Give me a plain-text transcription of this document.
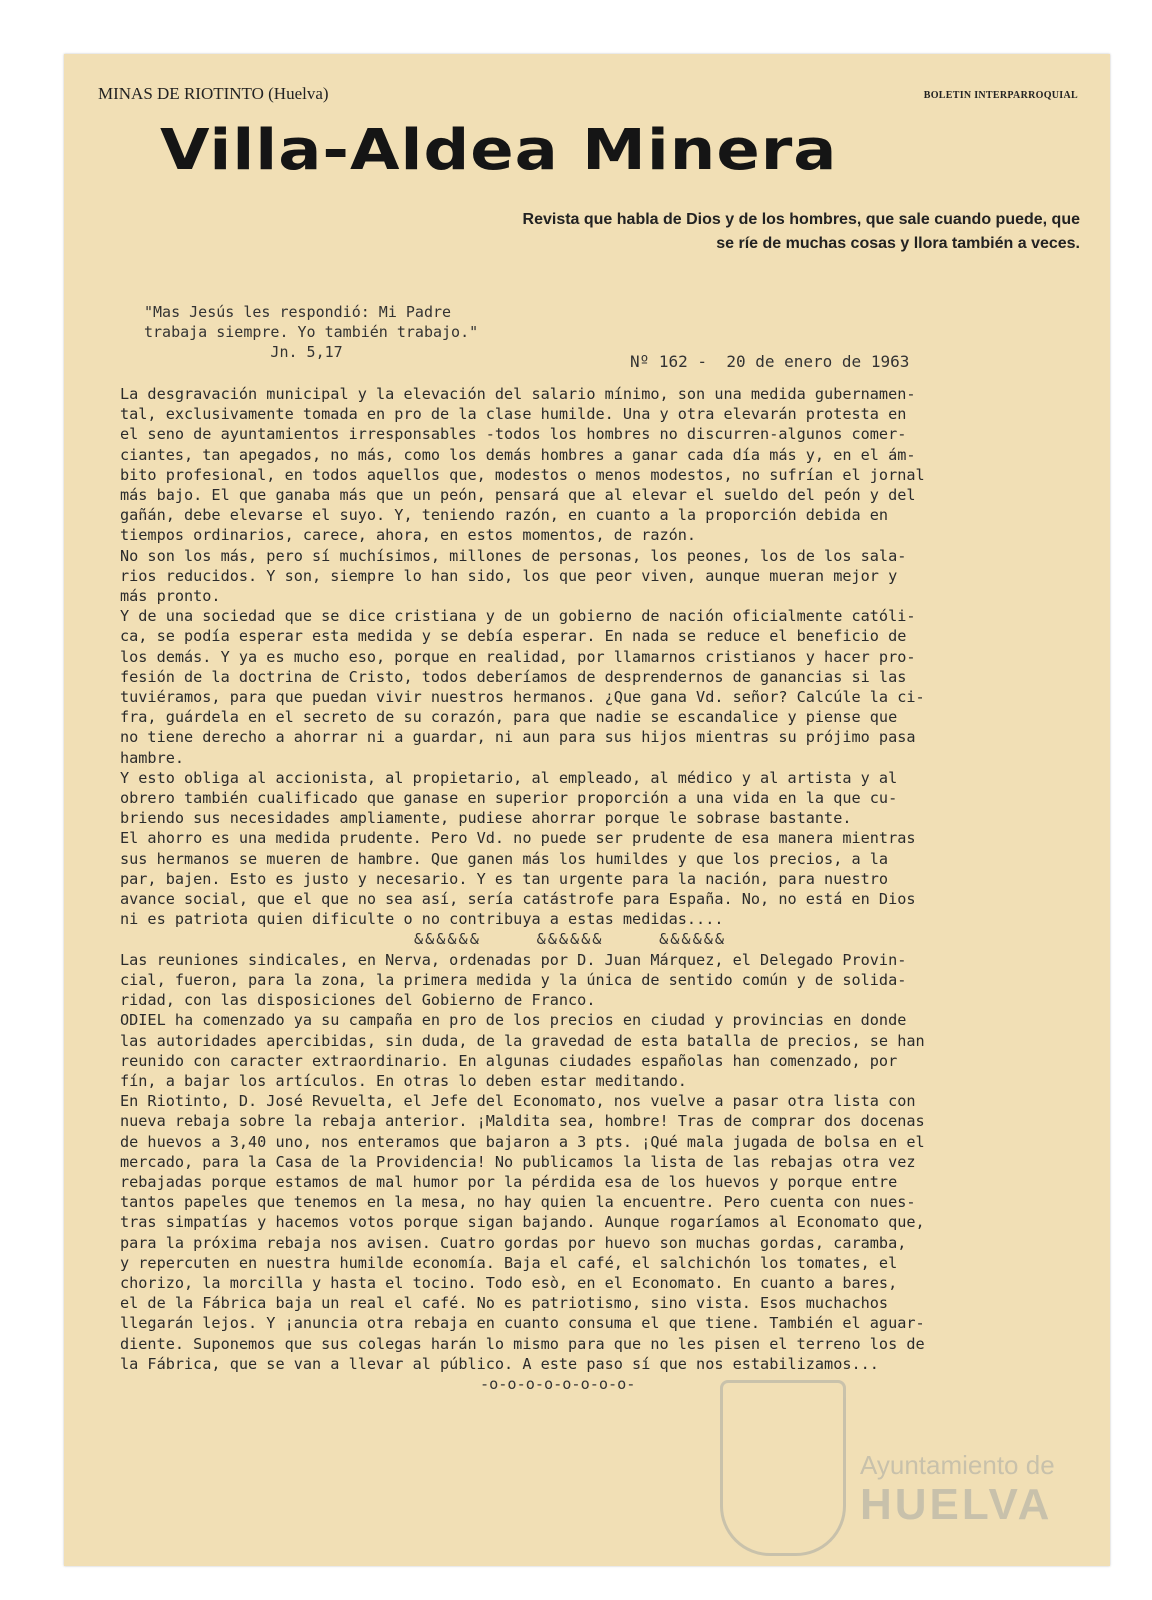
MINAS DE RIOTINTO (Huelva)	BOLETIN INTERPARROQUIAL
Villa-Aldea Minera
Revista que habla de Dios y de los hombres, que sale cuando puede, que se ríe de muchas cosas y llora también a veces.
"Mas Jesús les respondió: Mi Padre
trabaja siempre. Yo también trabajo."
Jn. 5,17	Nº 162 -  20 de enero de 1963

La desgravación municipal y la elevación del salario mínimo, son una medida gubernamen-
tal, exclusivamente tomada en pro de la clase humilde. Una y otra elevarán protesta en
el seno de ayuntamientos irresponsables -todos los hombres no discurren-algunos comer-
ciantes, tan apegados, no más, como los demás hombres a ganar cada día más y, en el ám-
bito profesional, en todos aquellos que, modestos o menos modestos, no sufrían el jornal
más bajo. El que ganaba más que un peón, pensará que al elevar el sueldo del peón y del
gañán, debe elevarse el suyo. Y, teniendo razón, en cuanto a la proporción debida en
tiempos ordinarios, carece, ahora, en estos momentos, de razón.
No son los más, pero sí muchísimos, millones de personas, los peones, los de los sala-
rios reducidos. Y son, siempre lo han sido, los que peor viven, aunque mueran mejor y
más pronto.

Y de una sociedad que se dice cristiana y de un gobierno de nación oficialmente católi-
ca, se podía esperar esta medida y se debía esperar. En nada se reduce el beneficio de
los demás. Y ya es mucho eso, porque en realidad, por llamarnos cristianos y hacer pro-
fesión de la doctrina de Cristo, todos deberíamos de desprendernos de ganancias si las
tuviéramos, para que puedan vivir nuestros hermanos. ¿Que gana Vd. señor? Calcúle la ci-
fra, guárdela en el secreto de su corazón, para que nadie se escandalice y piense que
no tiene derecho a ahorrar ni a guardar, ni aun para sus hijos mientras su prójimo pasa
hambre.

Y esto obliga al accionista, al propietario, al empleado, al médico y al artista y al
obrero también cualificado que ganase en superior proporción a una vida en la que cu-
briendo sus necesidades ampliamente, pudiese ahorrar porque le sobrase bastante.
El ahorro es una medida prudente. Pero Vd. no puede ser prudente de esa manera mientras
sus hermanos se mueren de hambre. Que ganen más los humildes y que los precios, a la
par, bajen. Esto es justo y necesario. Y es tan urgente para la nación, para nuestro
avance social, que el que no sea así, sería catástrofe para España. No, no está en Dios
ni es patriota quien dificulte o no contribuya a estas medidas....

&&&&&&     &&&&&&     &&&&&&

Las reuniones sindicales, en Nerva, ordenadas por D. Juan Márquez, el Delegado Provin-
cial, fueron, para la zona, la primera medida y la única de sentido común y de solida-
ridad, con las disposiciones del Gobierno de Franco.
ODIEL ha comenzado ya su campaña en pro de los precios en ciudad y provincias en donde
las autoridades apercibidas, sin duda, de la gravedad de esta batalla de precios, se han
reunido con caracter extraordinario. En algunas ciudades españolas han comenzado, por
fín, a bajar los artículos. En otras lo deben estar meditando.
En Riotinto, D. José Revuelta, el Jefe del Economato, nos vuelve a pasar otra lista con
nueva rebaja sobre la rebaja anterior. ¡Maldita sea, hombre! Tras de comprar dos docenas
de huevos a 3,40 uno, nos enteramos que bajaron a 3 pts. ¡Qué mala jugada de bolsa en el
mercado, para la Casa de la Providencia! No publicamos la lista de las rebajas otra vez
rebajadas porque estamos de mal humor por la pérdida esa de los huevos y porque entre
tantos papeles que tenemos en la mesa, no hay quien la encuentre. Pero cuenta con nues-
tras simpatías y hacemos votos porque sigan bajando. Aunque rogaríamos al Economato que,
para la próxima rebaja nos avisen. Cuatro gordas por huevo son muchas gordas, caramba,
y repercuten en nuestra humilde economía. Baja el café, el salchichón los tomates, el
chorizo, la morcilla y hasta el tocino. Todo esò, en el Economato. En cuanto a bares,
el de la Fábrica baja un real el café. No es patriotismo, sino vista. Esos muchachos
llegarán lejos. Y ¡anuncia otra rebaja en cuanto consuma el que tiene. También el aguar-
diente. Suponemos que sus colegas harán lo mismo para que no les pisen el terreno los de
la Fábrica, que se van a llevar al público. A este paso sí que nos estabilizamos...

-o-o-o-o-o-o-o-o-

Ayuntamiento de
HUELVA
